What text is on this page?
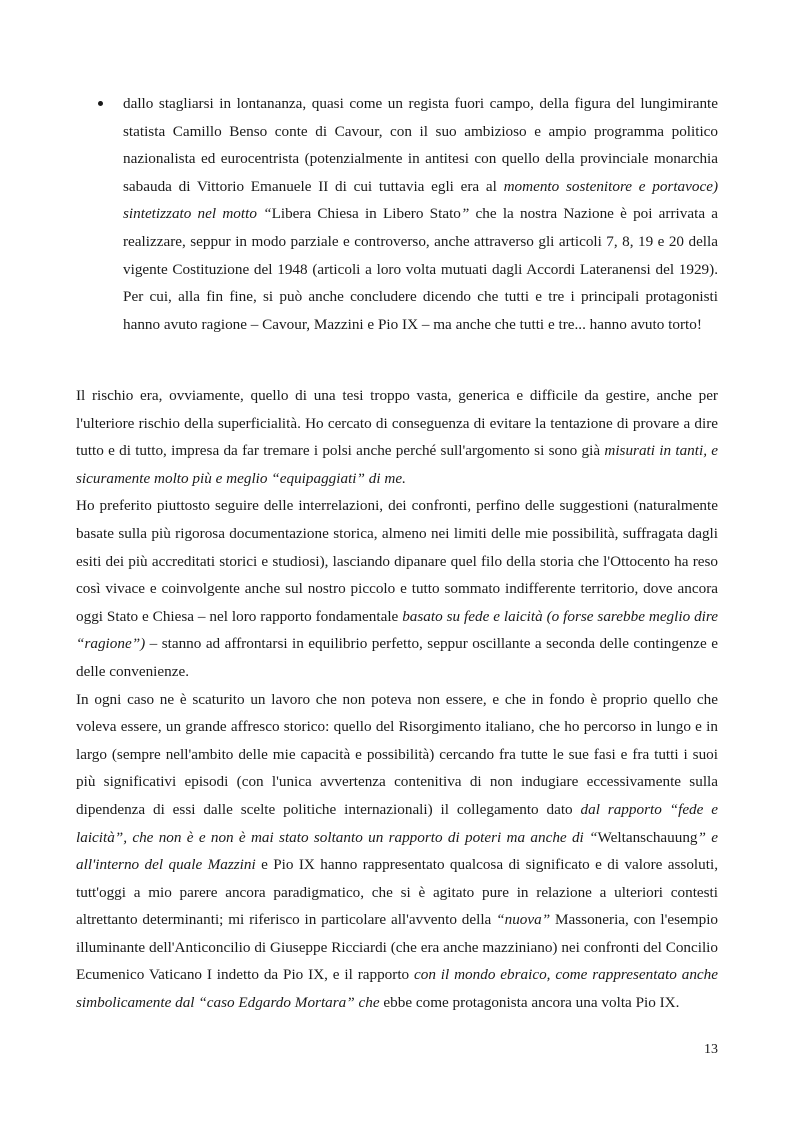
dallo stagliarsi in lontananza, quasi come un regista fuori campo, della figura del lungimirante statista Camillo Benso conte di Cavour, con il suo ambizioso e ampio programma politico nazionalista ed eurocentrista (potenzialmente in antitesi con quello della provinciale monarchia sabauda di Vittorio Emanuele II di cui tuttavia egli era al momento sostenitore e portavoce) sintetizzato nel motto “Libera Chiesa in Libero Stato” che la nostra Nazione è poi arrivata a realizzare, seppur in modo parziale e controverso, anche attraverso gli articoli 7, 8, 19 e 20 della vigente Costituzione del 1948 (articoli a loro volta mutuati dagli Accordi Lateranensi del 1929). Per cui, alla fin fine, si può anche concludere dicendo che tutti e tre i principali protagonisti hanno avuto ragione – Cavour, Mazzini e Pio IX – ma anche che tutti e tre... hanno avuto torto!

Il rischio era, ovviamente, quello di una tesi troppo vasta, generica e difficile da gestire, anche per l'ulteriore rischio della superficialità. Ho cercato di conseguenza di evitare la tentazione di provare a dire tutto e di tutto, impresa da far tremare i polsi anche perché sull'argomento si sono già misurati in tanti, e sicuramente molto più e meglio “equipaggiati” di me.

Ho preferito piuttosto seguire delle interrelazioni, dei confronti, perfino delle suggestioni (naturalmente basate sulla più rigorosa documentazione storica, almeno nei limiti delle mie possibilità, suffragata dagli esiti dei più accreditati storici e studiosi), lasciando dipanare quel filo della storia che l'Ottocento ha reso così vivace e coinvolgente anche sul nostro piccolo e tutto sommato indifferente territorio, dove ancora oggi Stato e Chiesa – nel loro rapporto fondamentale basato su fede e laicità (o forse sarebbe meglio dire “ragione”) – stanno ad affrontarsi in equilibrio perfetto, seppur oscillante a seconda delle contingenze e delle convenienze.

In ogni caso ne è scaturito un lavoro che non poteva non essere, e che in fondo è proprio quello che voleva essere, un grande affresco storico: quello del Risorgimento italiano, che ho percorso in lungo e in largo (sempre nell'ambito delle mie capacità e possibilità) cercando fra tutte le sue fasi e fra tutti i suoi più significativi episodi (con l'unica avvertenza contenitiva di non indugiare eccessivamente sulla dipendenza di essi dalle scelte politiche internazionali) il collegamento dato dal rapporto “fede e laicità”, che non è e non è mai stato soltanto un rapporto di poteri ma anche di “Weltanschauung” e all'interno del quale Mazzini e Pio IX hanno rappresentato qualcosa di significato e di valore assoluti, tutt'oggi a mio parere ancora paradigmatico, che si è agitato pure in relazione a ulteriori contesti altrettanto determinanti; mi riferisco in particolare all'avvento della “nuova” Massoneria, con l'esempio illuminante dell'Anticoncilio di Giuseppe Ricciardi (che era anche mazziniano) nei confronti del Concilio Ecumenico Vaticano I indetto da Pio IX, e il rapporto con il mondo ebraico, come rappresentato anche simbolicamente dal “caso Edgardo Mortara” che ebbe come protagonista ancora una volta Pio IX.

13
